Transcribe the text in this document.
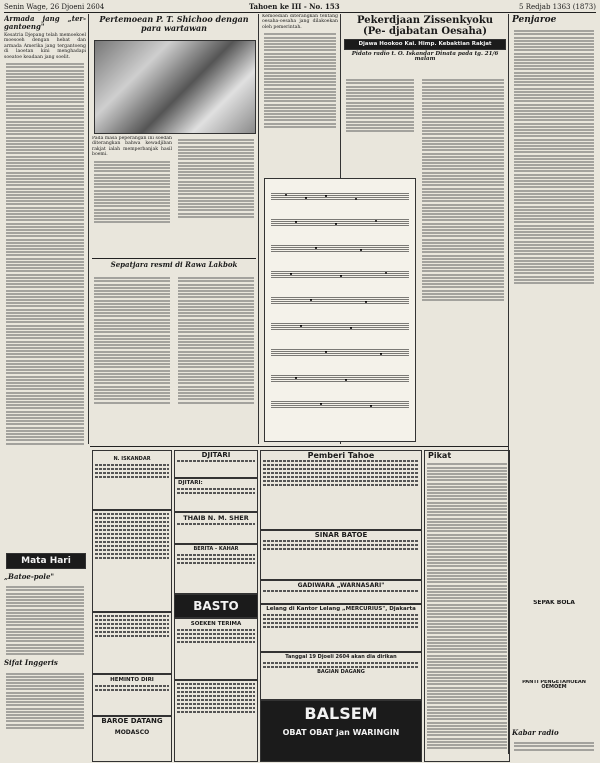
Senin Wage, 26 Djoeni 2604	Tahoen ke III - No. 153	5 Redjab 1363 (1873)
Armada jang „ter- gantoeng"
Kesatria Djepang telah memoekoel moesoeh dengan hebat dan armada Amerika jang tergantoeng di laoetan kini menghadapi soeatoe keadaan jang soelit.
Mata Hari
„Batoe-pole"
Sifat Inggeris
Pertemoean P. T. Shichoo dengan para wartawan
Pada masa peperangan ini soedah diterangkan bahwa kewadjiban rakjat ialah memperbanjak hasil boemi.
Sepatjara resmi di Rawa Lakbok
Kemoedian diterangkan tentang oesaha-oesaha jang dilakoekan oleh pemerintah.
Pekerdjaan Zissenkyoku (Pe- djabatan Oesaha)
Djawa Hookoo Kai. Himp. Kebaktian Rakjat
Pidato radio t. O. Iskandar Dinata pada tg. 21/6 malam
Penjaroe
N. ISKANDAR
HEMINTO DIRI
BAROE DATANG
MODASCO
DJITARI
DJITARI:
THAIB N. M. SHER
BERITA - KAHAR
BASTO
SOEKEN TERIMA
Pemberi Tahoe
SINAR BATOE
GADIWARA „WARNASARI"
Lelang di Kantor Lelang „MERCURIUS", Djakarta
Tanggal 19 Djoeli 2604 akan dia dirikan
BAGIAN DAGANG
BALSEM
OBAT OBAT jan WARINGIN
Pikat
SEPAK BOLA
PANTI PENGETAHOEAN OEMOEM
Kabar radio
